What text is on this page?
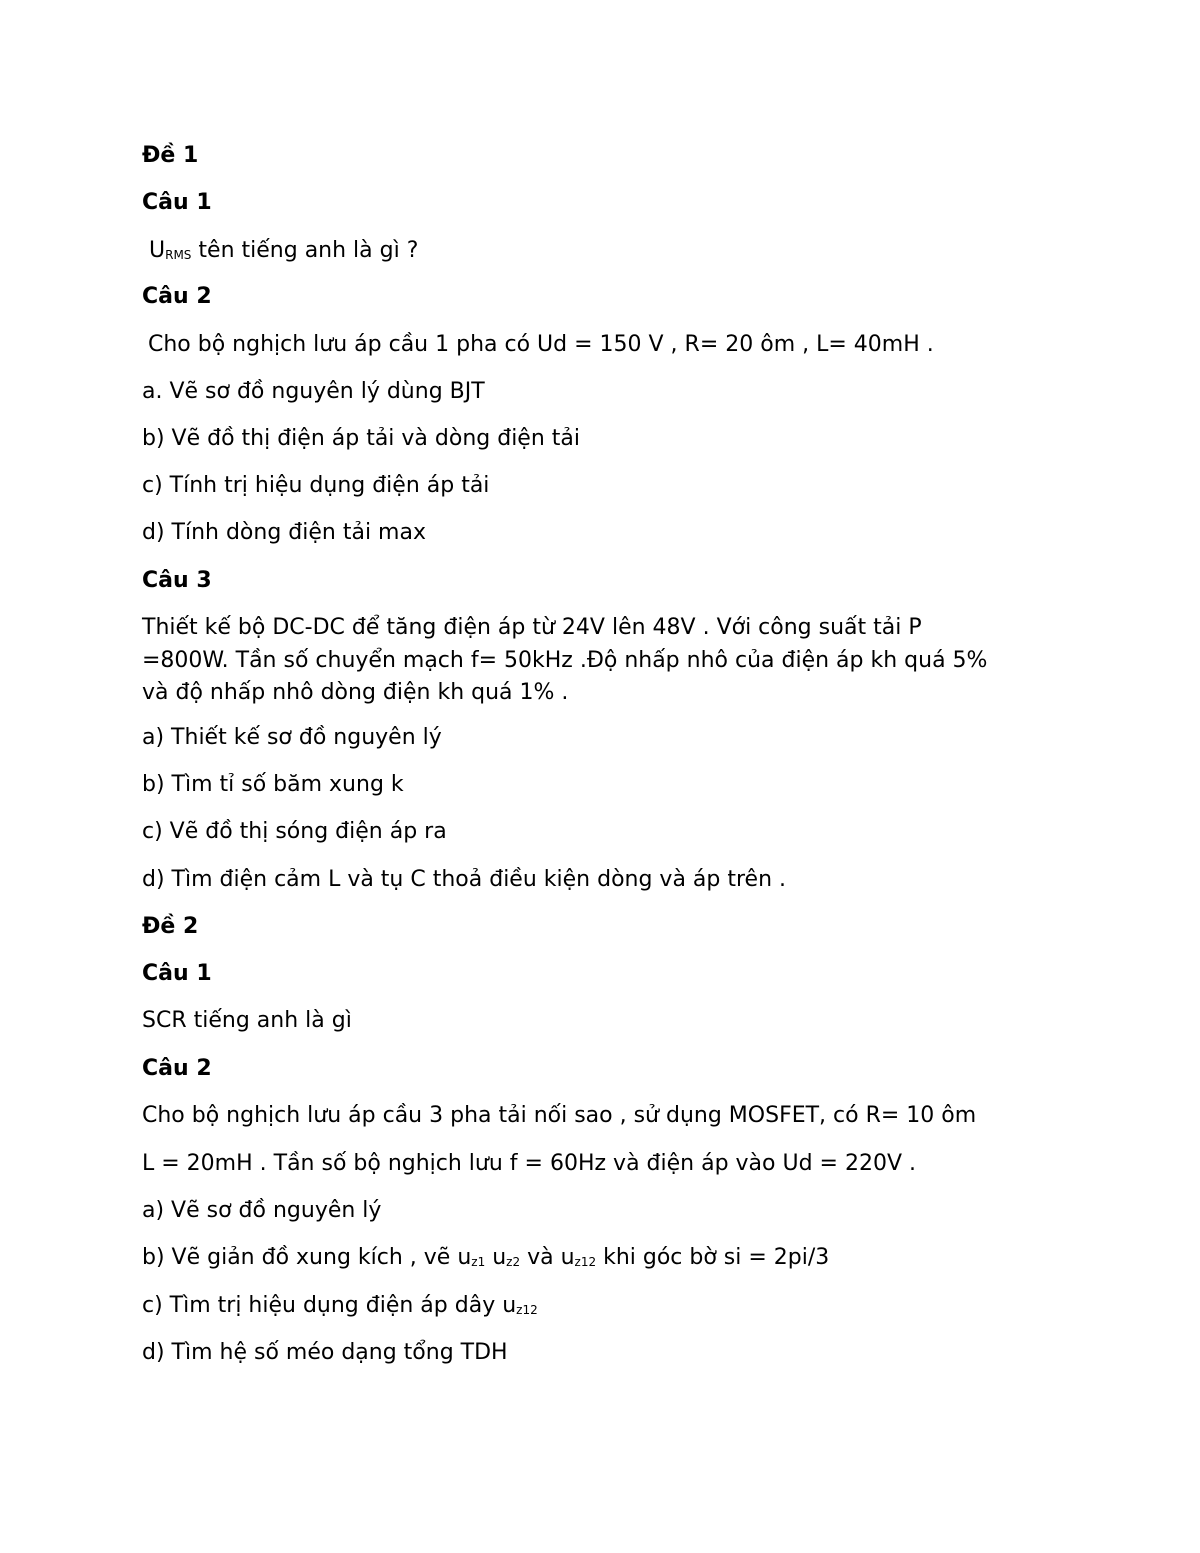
Đề 1
Câu 1
URMS tên tiếng anh là gì ?
Câu 2
Cho bộ nghịch lưu áp cầu 1 pha có Ud = 150 V , R= 20 ôm , L= 40mH .
a. Vẽ sơ đồ nguyên lý dùng BJT
b) Vẽ đồ thị điện áp tải và dòng điện tải
c) Tính trị hiệu dụng điện áp tải
d) Tính dòng điện tải max
Câu 3
Thiết kế bộ DC-DC để tăng điện áp từ 24V lên 48V . Với công suất tải P
=800W. Tần số chuyển mạch f= 50kHz .Độ nhấp nhô của điện áp kh quá 5%
và độ nhấp nhô dòng điện kh quá 1% .
a) Thiết kế sơ đồ nguyên lý
b) Tìm tỉ số băm xung k
c) Vẽ đồ thị sóng điện áp ra
d) Tìm điện cảm L và tụ C thoả điều kiện dòng và áp trên .
Đề 2
Câu 1
SCR tiếng anh là gì
Câu 2
Cho bộ nghịch lưu áp cầu 3 pha tải nối sao , sử dụng MOSFET, có R= 10 ôm
L = 20mH . Tần số bộ nghịch lưu f = 60Hz và điện áp vào Ud = 220V .
a) Vẽ sơ đồ nguyên lý
b) Vẽ giản đồ xung kích , vẽ uz1 uz2 và uz12 khi góc bờ si = 2pi/3
c) Tìm trị hiệu dụng điện áp dây uz12
d) Tìm hệ số méo dạng tổng TDH
